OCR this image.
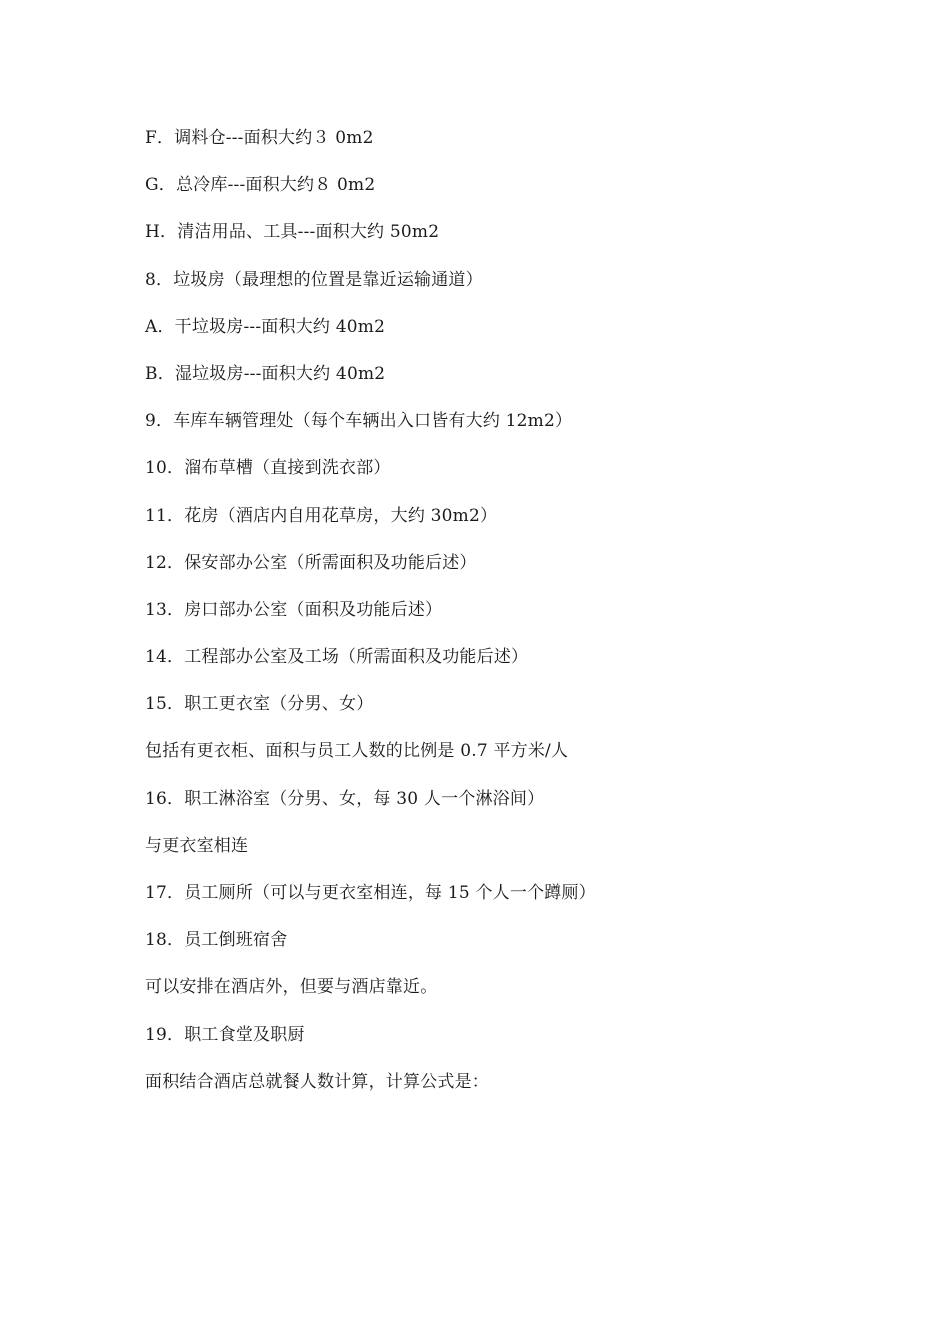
F．调料仓---面积大约３ 0m2
G．总冷库---面积大约８ 0m2
H．清洁用品、工具---面积大约 50m2
8．垃圾房（最理想的位置是靠近运输通道）
A．干垃圾房---面积大约 40m2
B．湿垃圾房---面积大约 40m2
9．车库车辆管理处（每个车辆出入口皆有大约 12m2）
10．溜布草槽（直接到洗衣部）
11．花房（酒店内自用花草房，大约 30m2）
12．保安部办公室（所需面积及功能后述）
13．房口部办公室（面积及功能后述）
14．工程部办公室及工场（所需面积及功能后述）
15．职工更衣室（分男、女）
包括有更衣柜、面积与员工人数的比例是 0.7 平方米/人
16．职工淋浴室（分男、女，每 30 人一个淋浴间）
与更衣室相连
17．员工厕所（可以与更衣室相连，每 15 个人一个蹲厕）
18．员工倒班宿舍
可以安排在酒店外，但要与酒店靠近。
19．职工食堂及职厨
面积结合酒店总就餐人数计算，计算公式是：
